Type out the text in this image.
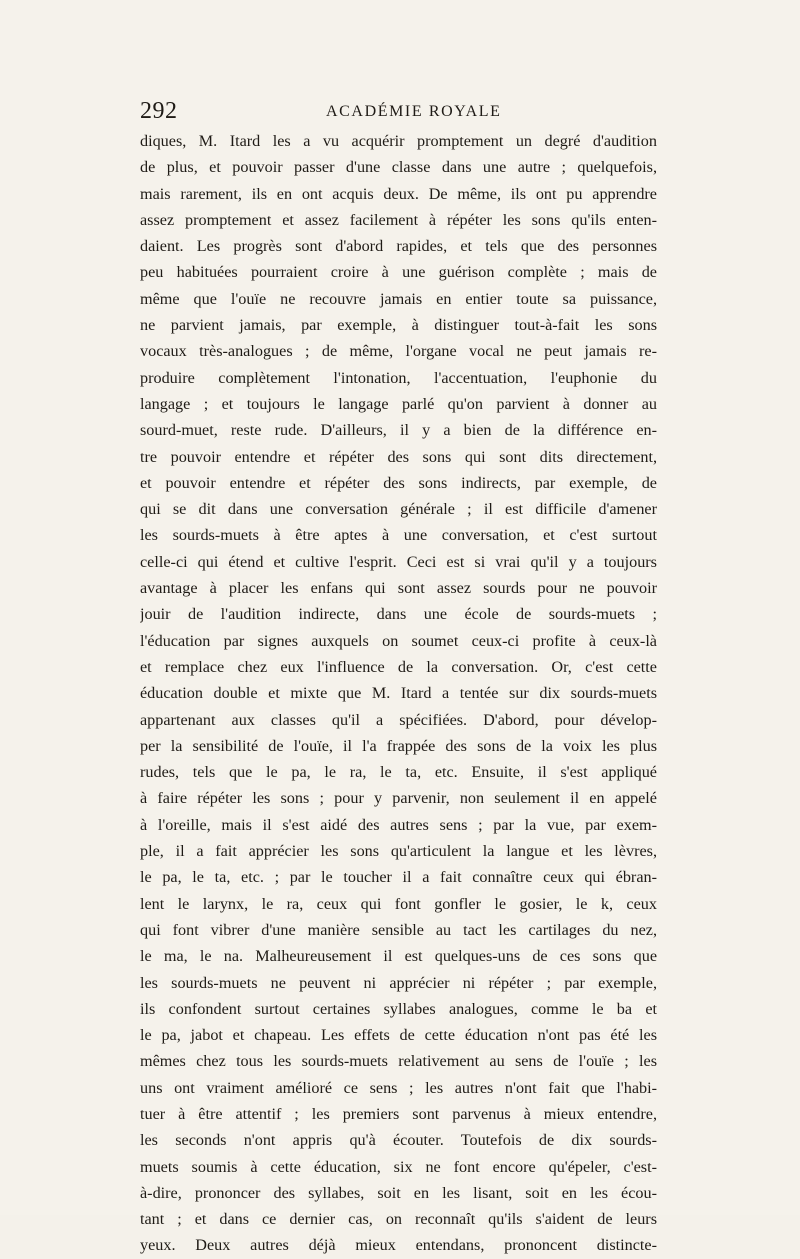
292	ACADÉMIE ROYALE
diques, M. Itard les a vu acquérir promptement un degré d'audition
de plus, et pouvoir passer d'une classe dans une autre ; quelquefois,
mais rarement, ils en ont acquis deux. De même, ils ont pu apprendre
assez promptement et assez facilement à répéter les sons qu'ils enten-
daient. Les progrès sont d'abord rapides, et tels que des personnes
peu habituées pourraient croire à une guérison complète ; mais de
même que l'ouïe ne recouvre jamais en entier toute sa puissance,
ne parvient jamais, par exemple, à distinguer tout-à-fait les sons
vocaux très-analogues ; de même, l'organe vocal ne peut jamais re-
produire complètement l'intonation, l'accentuation, l'euphonie du
langage ; et toujours le langage parlé qu'on parvient à donner au
sourd-muet, reste rude. D'ailleurs, il y a bien de la différence en-
tre pouvoir entendre et répéter des sons qui sont dits directement,
et pouvoir entendre et répéter des sons indirects, par exemple, de
qui se dit dans une conversation générale ; il est difficile d'amener
les sourds-muets à être aptes à une conversation, et c'est surtout
celle-ci qui étend et cultive l'esprit. Ceci est si vrai qu'il y a toujours
avantage à placer les enfans qui sont assez sourds pour ne pouvoir
jouir de l'audition indirecte, dans une école de sourds-muets ;
l'éducation par signes auxquels on soumet ceux-ci profite à ceux-là
et remplace chez eux l'influence de la conversation. Or, c'est cette
éducation double et mixte que M. Itard a tentée sur dix sourds-muets
appartenant aux classes qu'il a spécifiées. D'abord, pour dévelop-
per la sensibilité de l'ouïe, il l'a frappée des sons de la voix les plus
rudes, tels que le pa, le ra, le ta, etc. Ensuite, il s'est appliqué
à faire répéter les sons ; pour y parvenir, non seulement il en appelé
à l'oreille, mais il s'est aidé des autres sens ; par la vue, par exem-
ple, il a fait apprécier les sons qu'articulent la langue et les lèvres,
le pa, le ta, etc. ; par le toucher il a fait connaître ceux qui ébran-
lent le larynx, le ra, ceux qui font gonfler le gosier, le k, ceux
qui font vibrer d'une manière sensible au tact les cartilages du nez,
le ma, le na. Malheureusement il est quelques-uns de ces sons que
les sourds-muets ne peuvent ni apprécier ni répéter ; par exemple,
ils confondent surtout certaines syllabes analogues, comme le ba et
le pa, jabot et chapeau. Les effets de cette éducation n'ont pas été les
mêmes chez tous les sourds-muets relativement au sens de l'ouïe ; les
uns ont vraiment amélioré ce sens ; les autres n'ont fait que l'habi-
tuer à être attentif ; les premiers sont parvenus à mieux entendre,
les seconds n'ont appris qu'à écouter. Toutefois de dix sourds-
muets soumis à cette éducation, six ne font encore qu'épeler, c'est-
à-dire, prononcer des syllabes, soit en les lisant, soit en les écou-
tant ; et dans ce dernier cas, on reconnaît qu'ils s'aident de leurs
yeux. Deux autres déjà mieux entendans, prononcent distincte-
